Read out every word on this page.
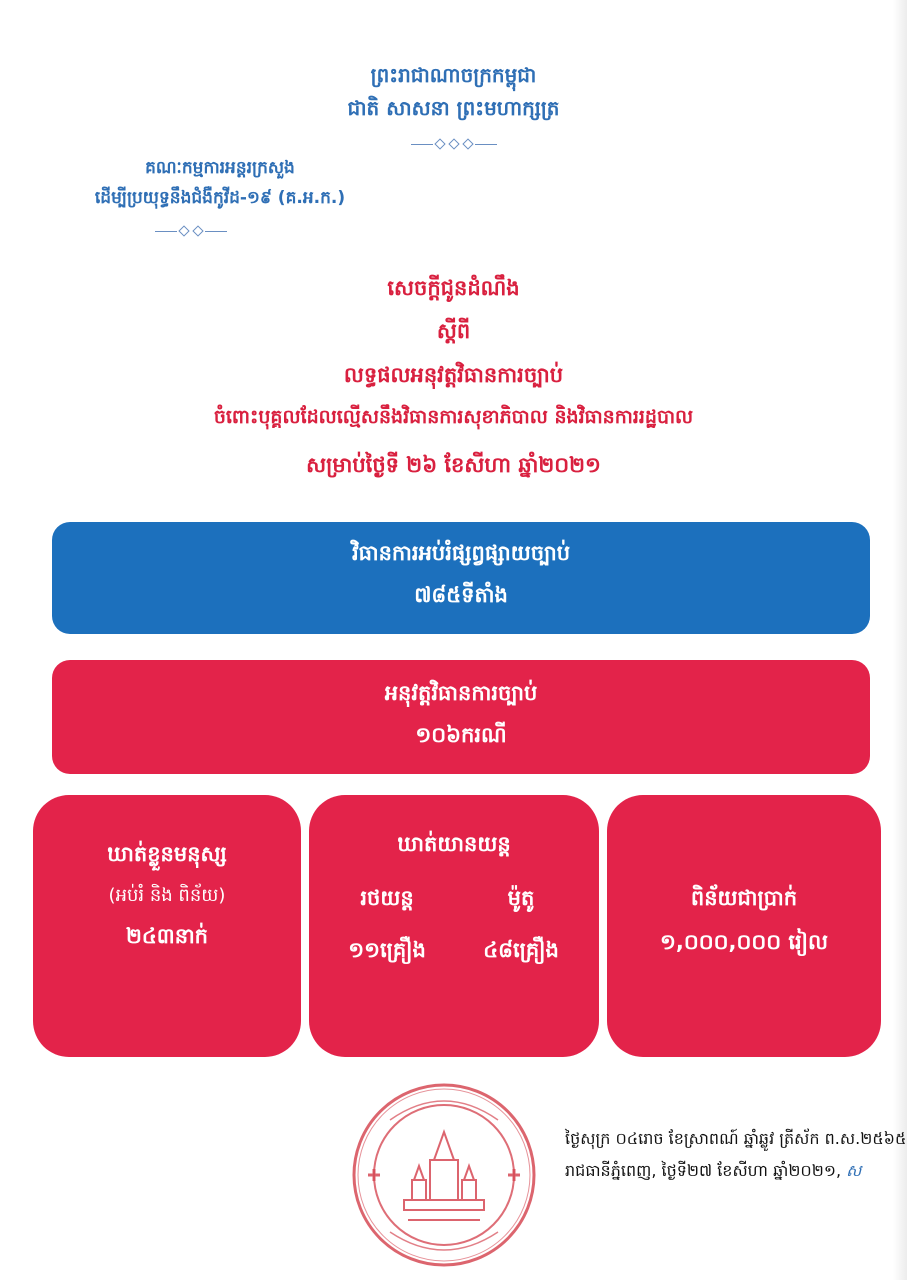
ព្រះរាជាណាចក្រកម្ពុជា
ជាតិ សាសនា ព្រះមហាក្សត្រ
គណៈកម្មការអន្តរក្រសួង
ដើម្បីប្រយុទ្ធនឹងជំងឺកូវីដ-១៩ (គ.អ.ក.)
សេចក្តីជូនដំណឹង
ស្តីពី
លទ្ធផលអនុវត្តវិធានការច្បាប់
ចំពោះបុគ្គលដែលល្មើសនឹងវិធានការសុខាភិបាល និងវិធានការរដ្ឋបាល
សម្រាប់ថ្ងៃទី ២៦ ខែសីហា ឆ្នាំ២០២១
វិធានការអប់រំផ្សព្វផ្សាយច្បាប់
៧៨៥ទីតាំង
អនុវត្តវិធានការច្បាប់
១០៦ករណី
ឃាត់ខ្លួនមនុស្ស
(អប់រំ និង ពិន័យ)
២៤៣នាក់
ឃាត់យានយន្ត
រថយន្ត	ម៉ូតូ
១១គ្រឿង	៤៨គ្រឿង
ពិន័យជាប្រាក់
១,០០០,០០០ រៀល
ថ្ងៃសុក្រ ០៤រោច ខែស្រាពណ៍ ឆ្នាំឆ្លូវ ត្រីស័ក ព.ស.២៥៦៥
រាជធានីភ្នំពេញ, ថ្ងៃទី២៧ ខែសីហា ឆ្នាំ២០២១, ស
